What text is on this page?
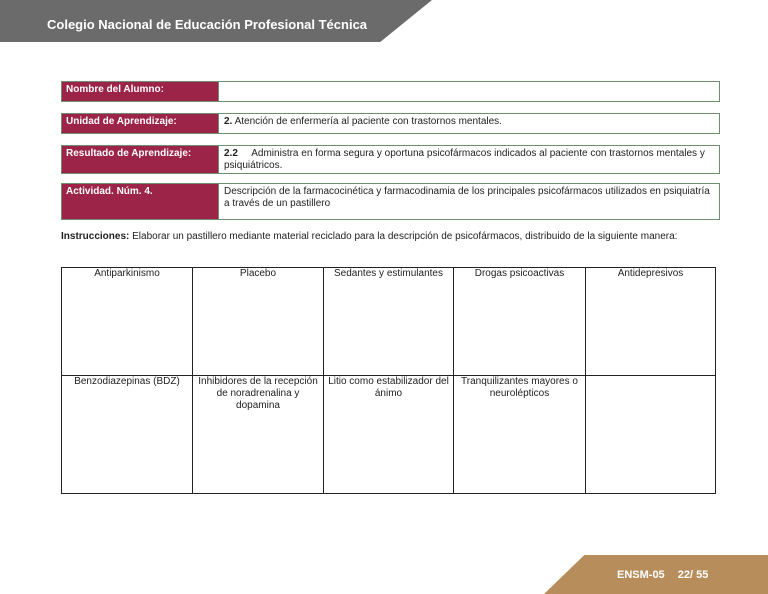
Colegio Nacional de Educación Profesional Técnica
Nombre del Alumno:
Unidad de Aprendizaje:	2. Atención de enfermería al paciente con trastornos mentales.
Resultado de Aprendizaje:	2.2 Administra en forma segura y oportuna psicofármacos indicados al paciente con trastornos mentales y psiquiátricos.
Actividad. Núm. 4.	Descripción de la farmacocinética y farmacodinamia de los principales psicofármacos utilizados en psiquiatría a través de un pastillero
Instrucciones: Elaborar un pastillero mediante material reciclado para la descripción de psicofármacos, distribuido de la siguiente manera:
Antiparkinismo	Placebo	Sedantes y estimulantes	Drogas psicoactivas	Antidepresivos
Benzodiazepinas (BDZ)	Inhibidores de la recepción de noradrenalina y dopamina	Litio como estabilizador del ánimo	Tranquilizantes mayores o neurolépticos	
ENSM-05 22/ 55
